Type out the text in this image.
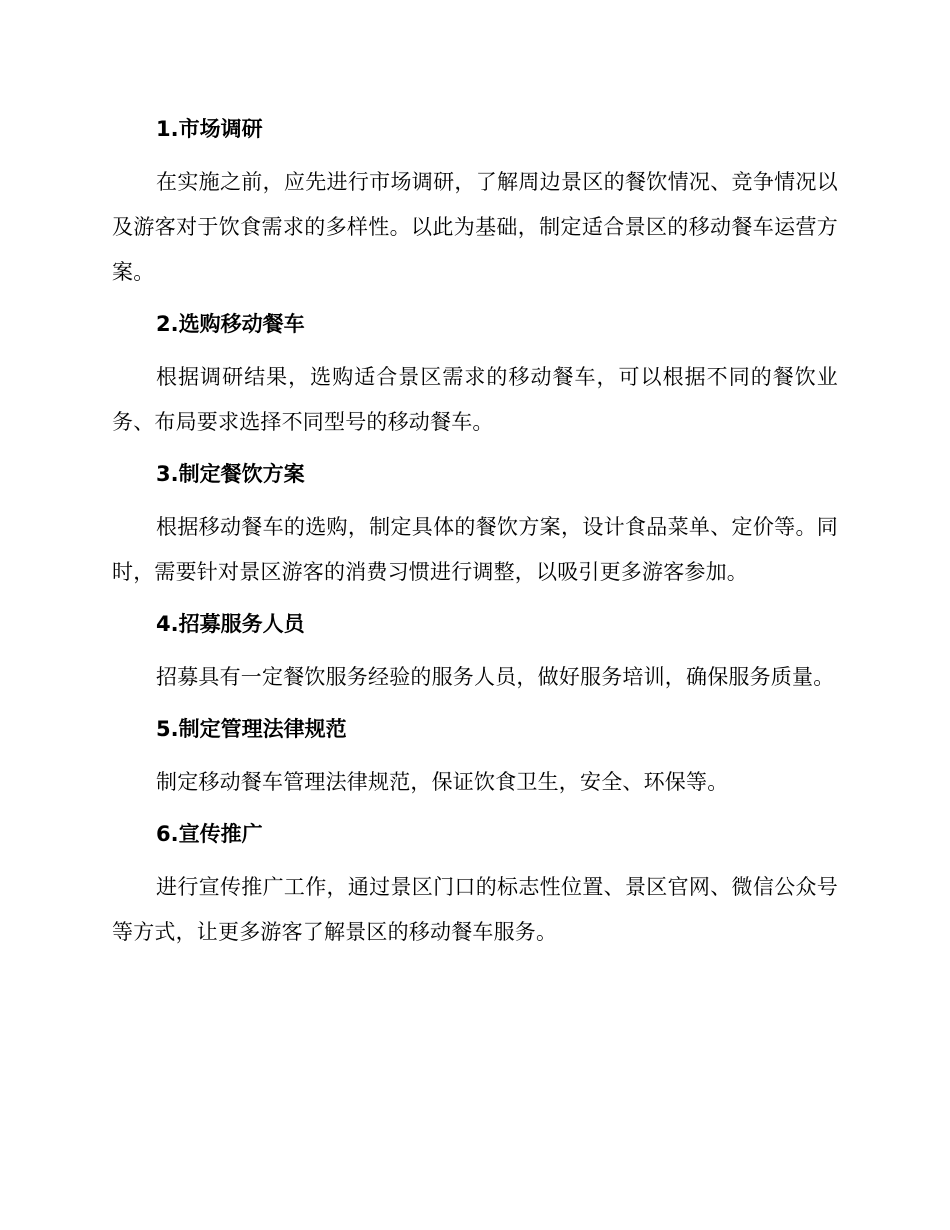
1.市场调研

在实施之前，应先进行市场调研，了解周边景区的餐饮情况、竞争情况以及游客对于饮食需求的多样性。以此为基础，制定适合景区的移动餐车运营方案。

2.选购移动餐车

根据调研结果，选购适合景区需求的移动餐车，可以根据不同的餐饮业务、布局要求选择不同型号的移动餐车。

3.制定餐饮方案

根据移动餐车的选购，制定具体的餐饮方案，设计食品菜单、定价等。同时，需要针对景区游客的消费习惯进行调整，以吸引更多游客参加。

4.招募服务人员

招募具有一定餐饮服务经验的服务人员，做好服务培训，确保服务质量。

5.制定管理法律规范

制定移动餐车管理法律规范，保证饮食卫生，安全、环保等。

6.宣传推广

进行宣传推广工作，通过景区门口的标志性位置、景区官网、微信公众号等方式，让更多游客了解景区的移动餐车服务。
